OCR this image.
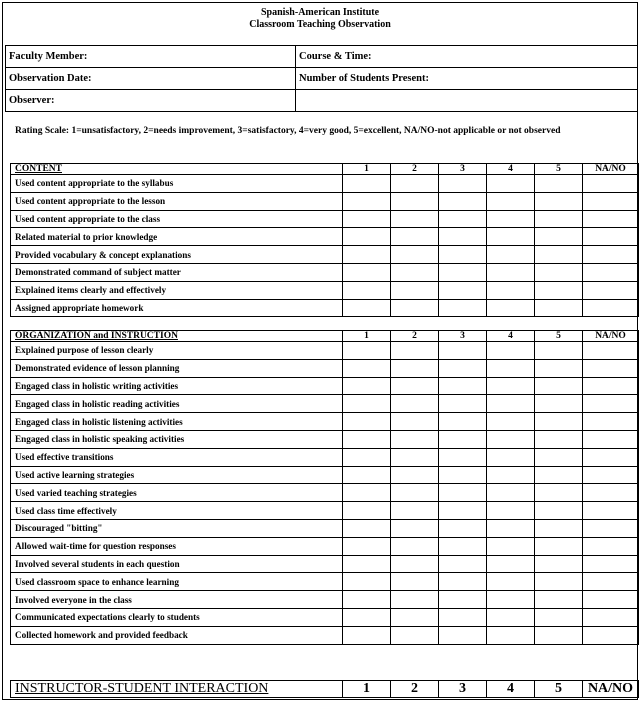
Spanish-American Institute
Classroom Teaching Observation
Faculty Member:	Course & Time:
Observation Date:	Number of Students Present:
Observer:	
Rating Scale: 1=unsatisfactory, 2=needs improvement, 3=satisfactory, 4=very good, 5=excellent, NA/NO-not applicable or not observed
CONTENT	1	2	3	4	5	NA/NO
Used content appropriate to the syllabus						
Used content appropriate to the lesson						
Used content appropriate to the class						
Related material to prior knowledge						
Provided vocabulary & concept explanations						
Demonstrated command of subject matter						
Explained items clearly and effectively						
Assigned appropriate homework						
ORGANIZATION and INSTRUCTION	1	2	3	4	5	NA/NO
Explained purpose of lesson clearly						
Demonstrated evidence of lesson planning						
Engaged class in holistic writing activities						
Engaged class in holistic reading activities						
Engaged class in holistic listening activities						
Engaged class in holistic speaking activities						
Used effective transitions						
Used active learning strategies						
Used varied teaching strategies						
Used class time effectively						
Discouraged "bitting"						
Allowed wait-time for question responses						
Involved several students in each question						
Used classroom space to enhance learning						
Involved everyone in the class						
Communicated expectations clearly to students						
Collected homework and provided feedback						
INSTRUCTOR-STUDENT INTERACTION	1	2	3	4	5	NA/NO
